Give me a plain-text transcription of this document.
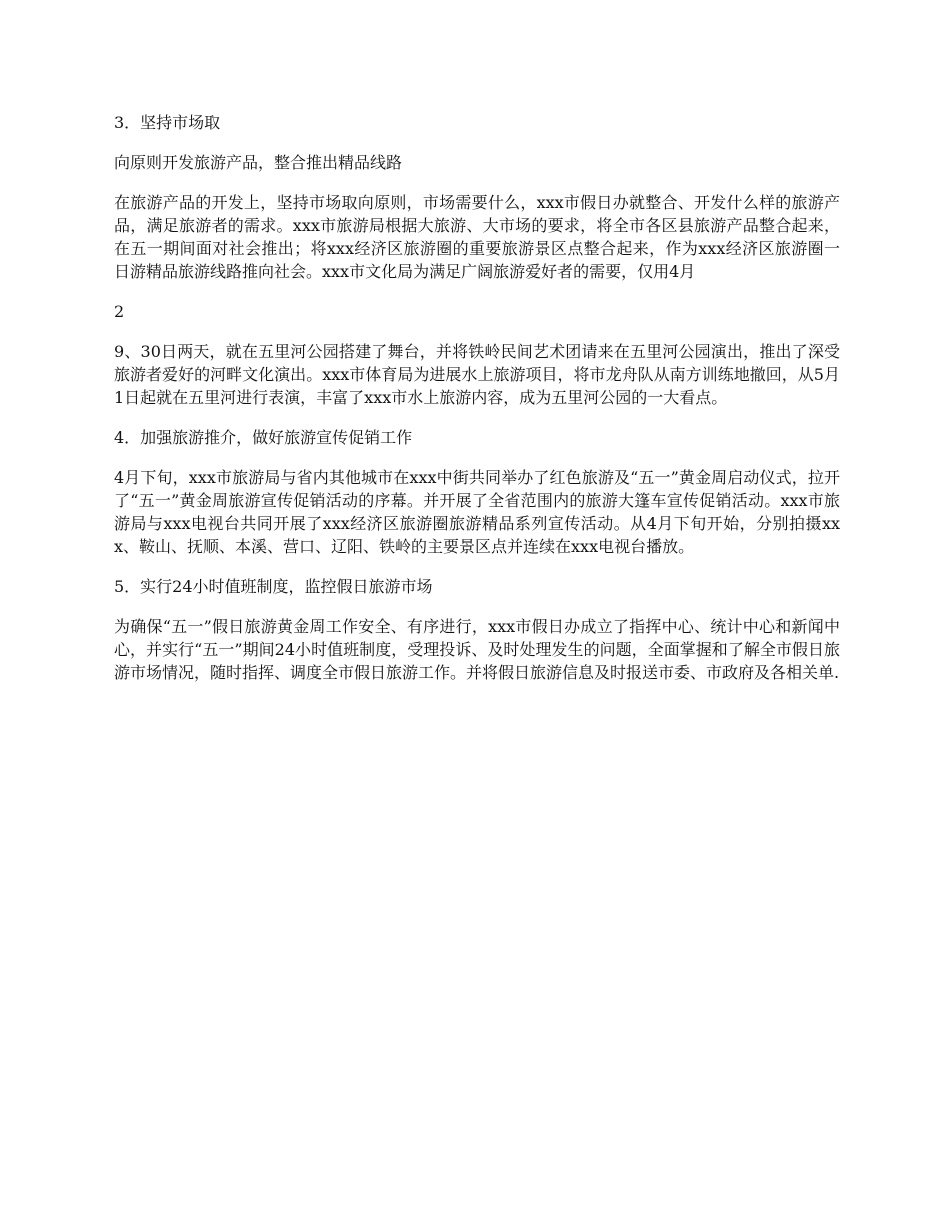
3．坚持市场取

向原则开发旅游产品，整合推出精品线路

在旅游产品的开发上，坚持市场取向原则，市场需要什么，xxx市假日办就整合、开发什么样的旅游产品，满足旅游者的需求。xxx市旅游局根据大旅游、大市场的要求，将全市各区县旅游产品整合起来，在五一期间面对社会推出；将xxx经济区旅游圈的重要旅游景区点整合起来，作为xxx经济区旅游圈一日游精品旅游线路推向社会。xxx市文化局为满足广阔旅游爱好者的需要，仅用4月

2

9、30日两天，就在五里河公园搭建了舞台，并将铁岭民间艺术团请来在五里河公园演出，推出了深受旅游者爱好的河畔文化演出。xxx市体育局为进展水上旅游项目，将市龙舟队从南方训练地撤回，从5月1日起就在五里河进行表演，丰富了xxx市水上旅游内容，成为五里河公园的一大看点。

4．加强旅游推介，做好旅游宣传促销工作

4月下旬，xxx市旅游局与省内其他城市在xxx中街共同举办了红色旅游及“五一”黄金周启动仪式，拉开了“五一”黄金周旅游宣传促销活动的序幕。并开展了全省范围内的旅游大篷车宣传促销活动。xxx市旅游局与xxx电视台共同开展了xxx经济区旅游圈旅游精品系列宣传活动。从4月下旬开始，分别拍摄xxx、鞍山、抚顺、本溪、营口、辽阳、铁岭的主要景区点并连续在xxx电视台播放。

5．实行24小时值班制度，监控假日旅游市场

为确保“五一”假日旅游黄金周工作安全、有序进行，xxx市假日办成立了指挥中心、统计中心和新闻中心，并实行“五一”期间24小时值班制度，受理投诉、及时处理发生的问题，全面掌握和了解全市假日旅游市场情况，随时指挥、调度全市假日旅游工作。并将假日旅游信息及时报送市委、市政府及各相关单.
